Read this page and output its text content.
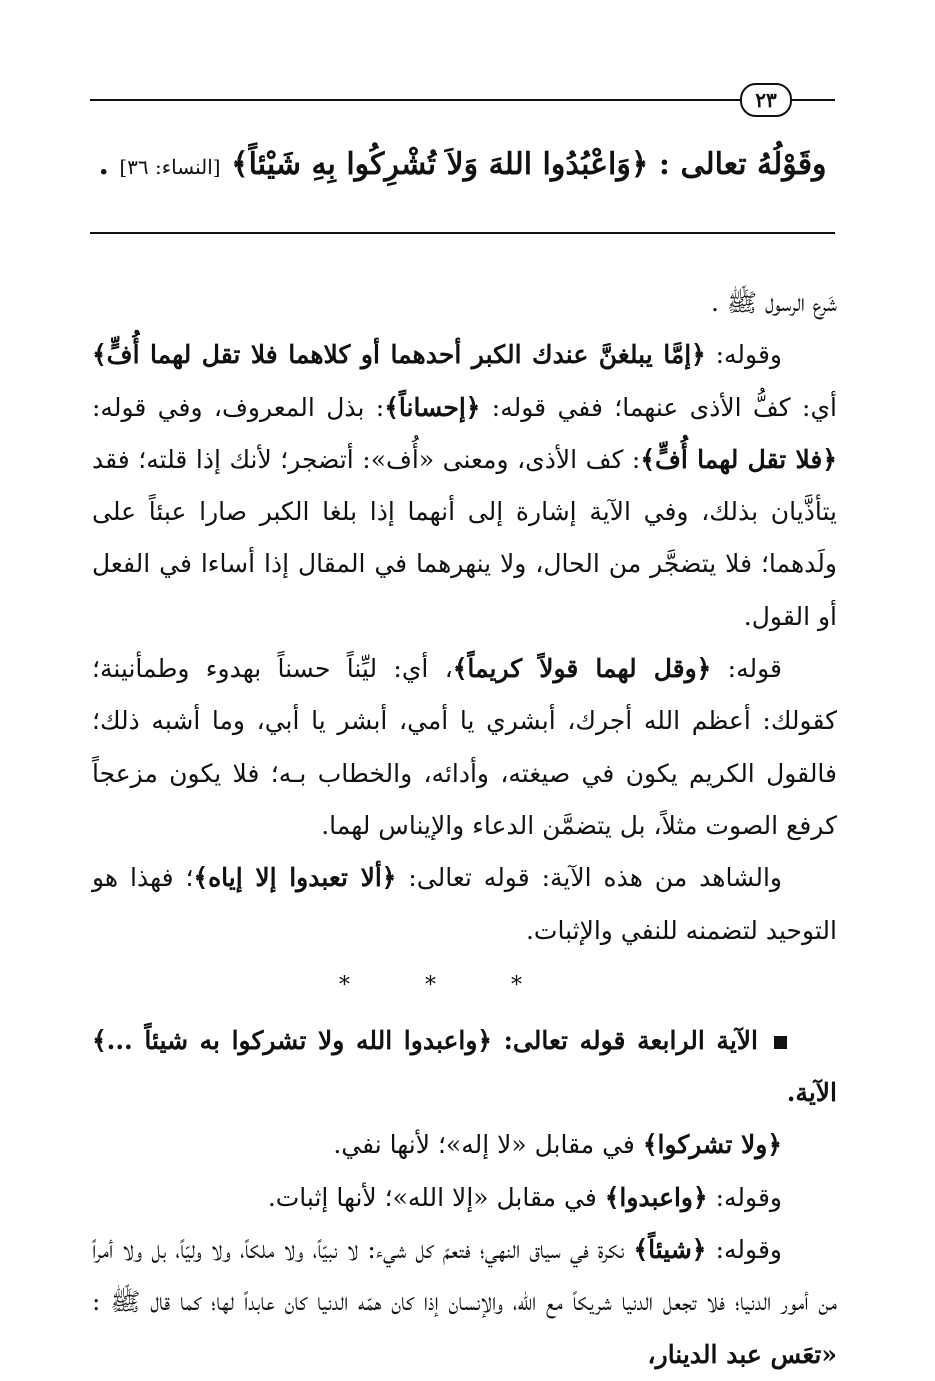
٢٣
وقَوْلُهُ تعالى : ﴿وَاعْبُدُوا اللهَ وَلاَ تُشْرِكُوا بِهِ شَيْئاً﴾ [النساء: ٣٦] .

شَرع الرسول ﷺ .

وقوله: ﴿إمَّا يبلغنَّ عندك الكبر أحدهما أو كلاهما فلا تقل لهما أُفٍّ﴾ أي: كفُّ الأذى عنهما؛ ففي قوله: ﴿إحساناً﴾: بذل المعروف، وفي قوله: ﴿فلا تقل لهما أُفٍّ﴾: كف الأذى، ومعنى «أُف»: أتضجر؛ لأنك إذا قلته؛ فقد يتأذَّيان بذلك، وفي الآية إشارة إلى أنهما إذا بلغا الكبر صارا عبئاً على ولَدهما؛ فلا يتضجَّر من الحال، ولا ينهرهما في المقال إذا أساءا في الفعل أو القول.

قوله: ﴿وقل لهما قولاً كريماً﴾، أي: ليِّناً حسناً بهدوء وطمأنينة؛ كقولك: أعظم الله أجرك، أبشري يا أمي، أبشر يا أبي، وما أشبه ذلك؛ فالقول الكريم يكون في صيغته، وأدائه، والخطاب بـه؛ فلا يكون مزعجاً كرفع الصوت مثلاً، بل يتضمَّن الدعاء والإيناس لهما.

والشاهد من هذه الآية: قوله تعالى: ﴿ألا تعبدوا إلا إياه﴾؛ فهذا هو التوحيد لتضمنه للنفي والإثبات.

* * *

الآية الرابعة قوله تعالى: ﴿واعبدوا الله ولا تشركوا به شيئاً ...﴾ الآية.

﴿ولا تشركوا﴾ في مقابل «لا إله»؛ لأنها نفي.

وقوله: ﴿واعبدوا﴾ في مقابل «إلا الله»؛ لأنها إثبات.

وقوله: ﴿شيئاً﴾ نكرة في سياق النهي؛ فتعمّ كل شيء: لا نبيّاً، ولا ملكاً، ولا وليّاً، بل ولا أمراً من أمور الدنيا؛ فلا تجعل الدنيا شريكاً مع الله، والإنسان إذا كان همّه الدنيا كان عابداً لها؛ كما قال ﷺ : «تعَس عبد الدينار،
